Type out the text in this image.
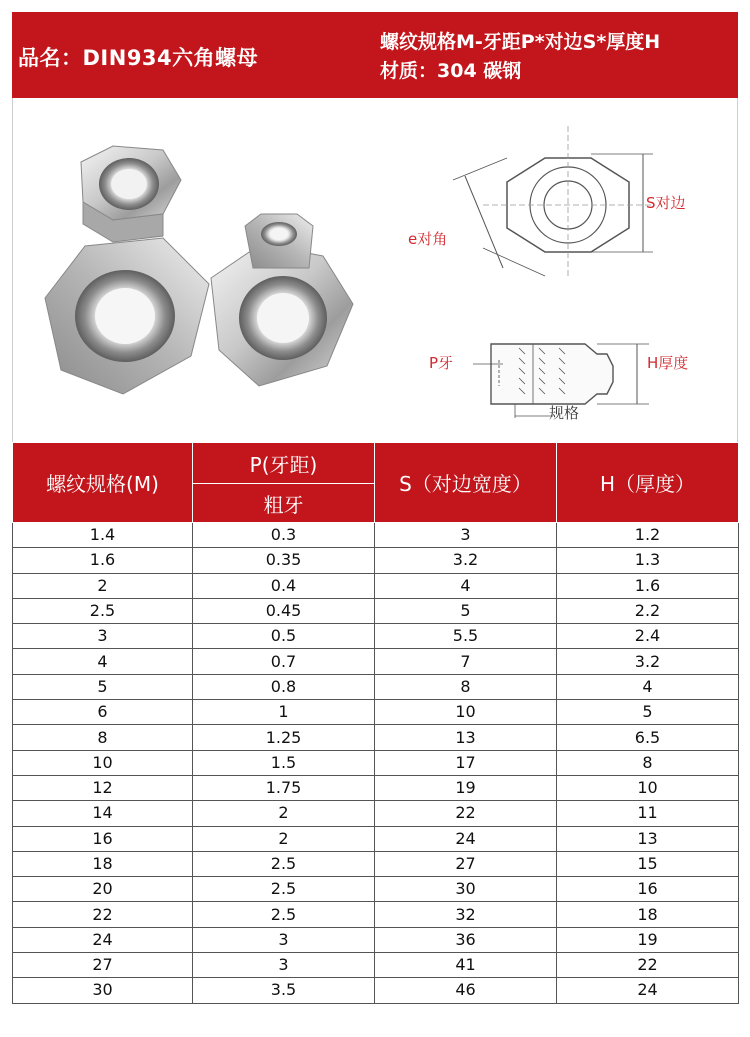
品名：DIN934六角螺母
螺纹规格M-牙距P*对边S*厚度H
材质：304 碳钢
S对边
e对角
P牙	H厚度
规格
螺纹规格(M)	P(牙距)	S（对边宽度）	H（厚度）
	粗牙		
1.4	0.3	3	1.2
1.6	0.35	3.2	1.3
2	0.4	4	1.6
2.5	0.45	5	2.2
3	0.5	5.5	2.4
4	0.7	7	3.2
5	0.8	8	4
6	1	10	5
8	1.25	13	6.5
10	1.5	17	8
12	1.75	19	10
14	2	22	11
16	2	24	13
18	2.5	27	15
20	2.5	30	16
22	2.5	32	18
24	3	36	19
27	3	41	22
30	3.5	46	24
